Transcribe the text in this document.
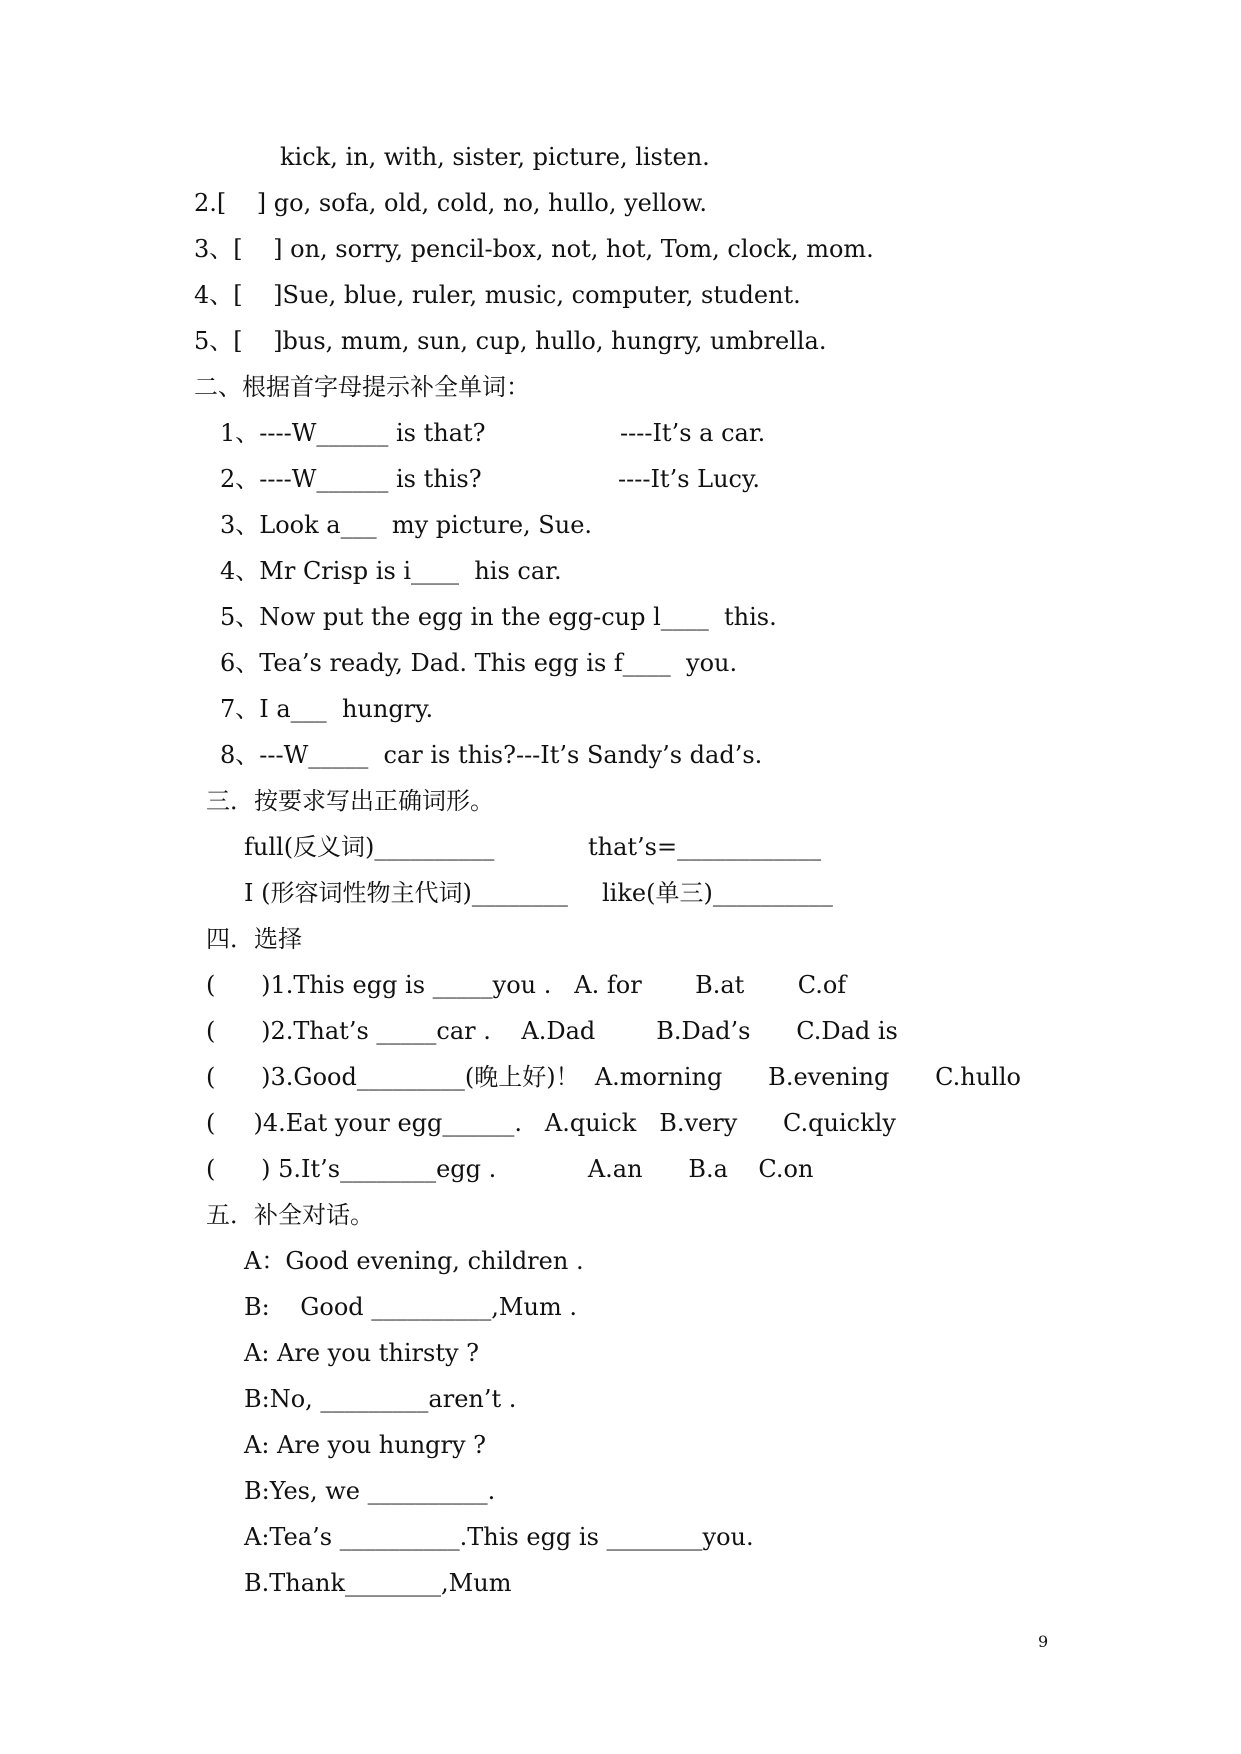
kick, in, with, sister, picture, listen.
2.[    ] go, sofa, old, cold, no, hullo, yellow.
3、[    ] on, sorry, pencil-box, not, hot, Tom, clock, mom.
4、[    ]Sue, blue, ruler, music, computer, student.
5、[    ]bus, mum, sun, cup, hullo, hungry, umbrella.
二、根据首字母提示补全单词：
1、----W______ is that?	----It’s a car.
2、----W______ is this?	----It’s Lucy.
3、Look a___  my picture, Sue.
4、Mr Crisp is i____  his car.
5、Now put the egg in the egg-cup l____  this.
6、Tea’s ready, Dad. This egg is f____  you.
7、I a___  hungry.
8、---W_____  car is this?---It’s Sandy’s dad’s.
三．按要求写出正确词形。
full(反义词)__________	that’s=____________
I (形容词性物主代词)________ like(单三)__________
四．选择
(      )1.This egg is _____you .   A. for       B.at       C.of
(      )2.That’s _____car .    A.Dad        B.Dad’s      C.Dad is
(      )3.Good_________(晚上好)！  A.morning      B.evening      C.hullo
(     )4.Eat your egg______.   A.quick   B.very      C.quickly
(      ) 5.It’s________egg .            A.an      B.a    C.on
五．补全对话。
A：Good evening, children .
B:    Good __________,Mum .
A: Are you thirsty ?
B:No, _________aren’t .
A: Are you hungry ?
B:Yes, we __________.
A:Tea’s __________.This egg is ________you.
B.Thank________,Mum
9
